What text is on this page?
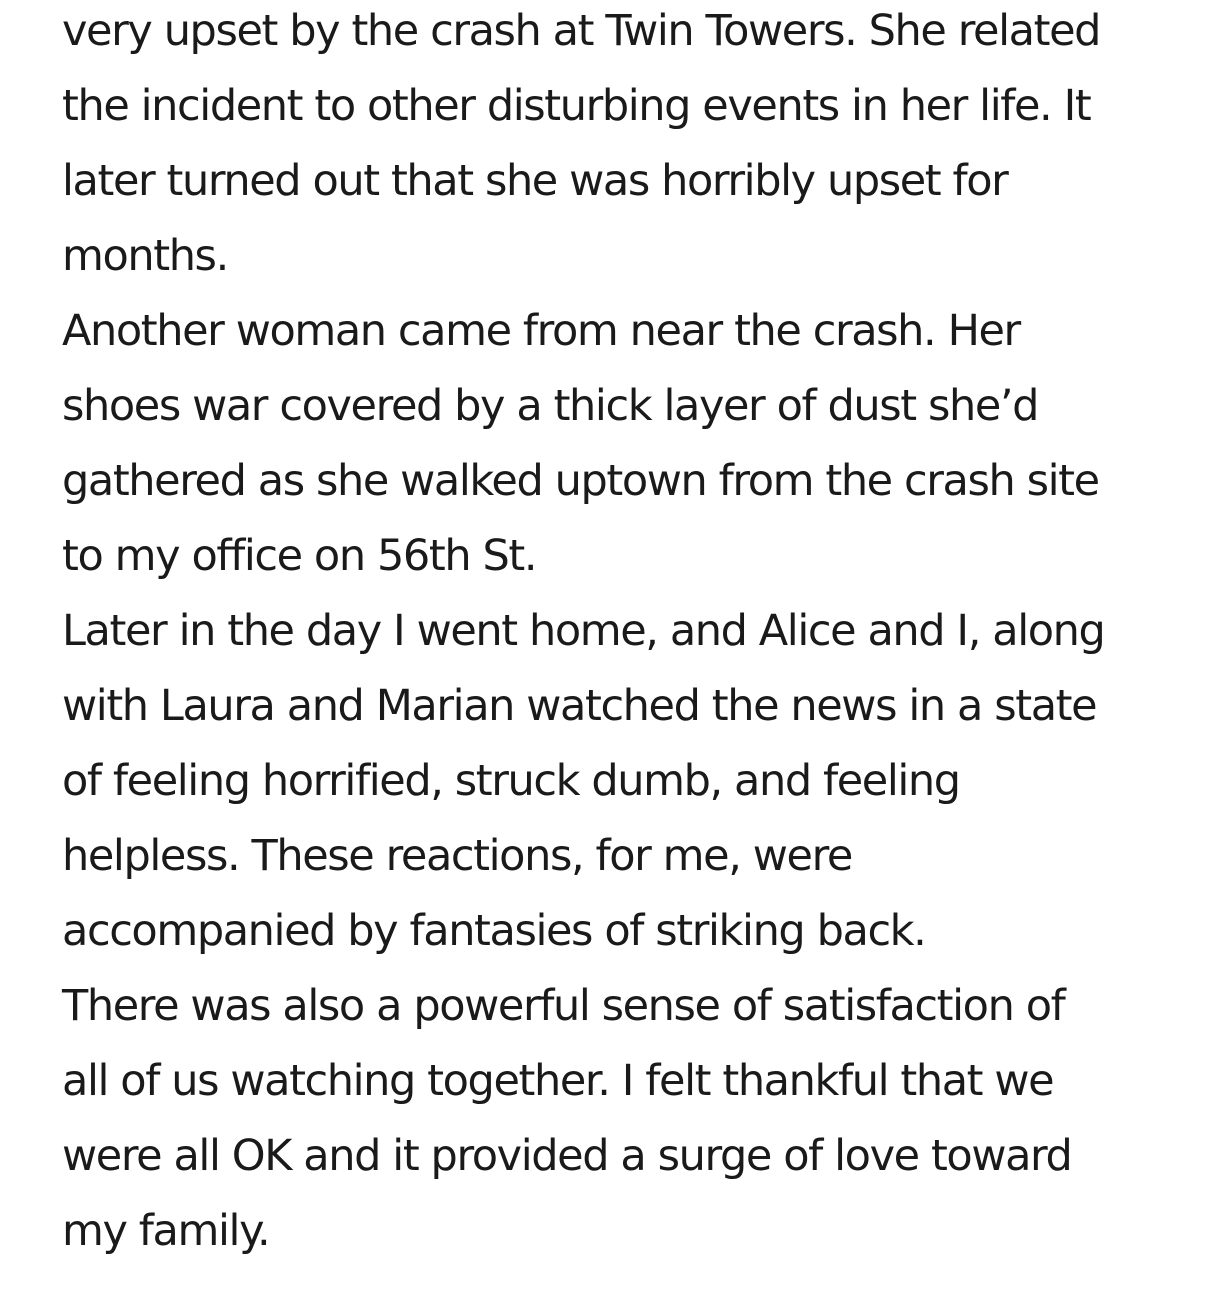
very upset by the crash at Twin Towers. She related
the incident to other disturbing events in her life. It
later turned out that she was horribly upset for
months.

Another woman came from near the crash. Her
shoes war covered by a thick layer of dust she’d
gathered as she walked uptown from the crash site
to my office on 56th St.

Later in the day I went home, and Alice and I, along
with Laura and Marian watched the news in a state
of feeling horrified, struck dumb, and feeling
helpless. These reactions, for me, were
accompanied by fantasies of striking back.

There was also a powerful sense of satisfaction of
all of us watching together. I felt thankful that we
were all OK and it provided a surge of love toward
my family.
